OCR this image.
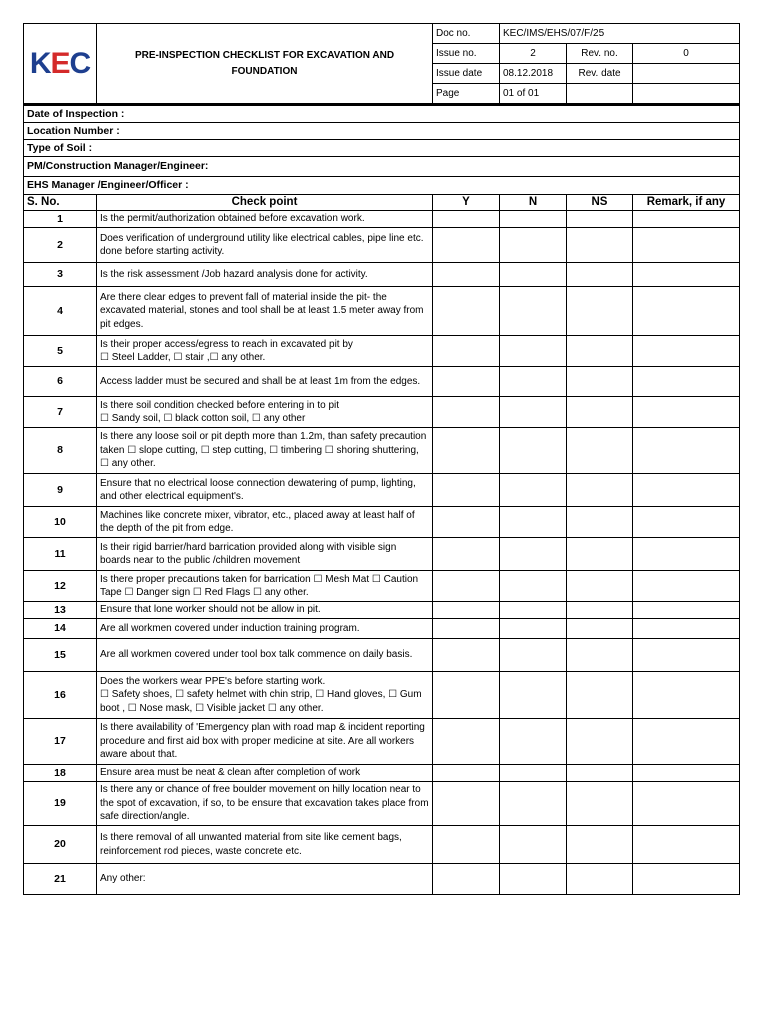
KEC	PRE-INSPECTION CHECKLIST FOR EXCAVATION AND
FOUNDATION	Doc no.	KEC/IMS/EHS/07/F/25		
		Issue no.	2	Rev. no.	0
		Issue date	08.12.2018	Rev. date	
		Page	01 of 01		
Date of Inspection :					
Location Number :					
Type of Soil :					
PM/Construction Manager/Engineer:					
EHS Manager /Engineer/Officer :					
S. No.	Check point	Y	N	NS	Remark, if any
1	Is the permit/authorization obtained before excavation work.				
2	Does verification of underground utility like electrical cables, pipe line etc. done before starting activity.				
3	Is the risk assessment /Job hazard analysis done for activity.				
4	Are there clear edges to prevent fall of material inside the pit- the excavated material, stones and tool shall be at least 1.5 meter away from pit edges.				
5	Is their proper access/egress to reach in excavated pit by
☐ Steel Ladder, ☐ stair ,☐ any other.				
6	Access ladder must be secured and shall be at least 1m from the edges.				
7	Is there soil condition checked before entering in to pit
☐ Sandy soil, ☐ black cotton soil, ☐ any other				
8	Is there any loose soil or pit depth more than 1.2m, than safety precaution taken ☐ slope cutting, ☐ step cutting, ☐ timbering ☐ shoring shuttering, ☐ any other.				
9	Ensure that no electrical loose connection dewatering of pump, lighting, and other electrical equipment's.				
10	Machines like concrete mixer, vibrator, etc., placed away at least half of the depth of the pit from edge.				
11	Is their rigid barrier/hard barrication provided along with visible sign boards near to the public /children movement				
12	Is there proper precautions taken for barrication ☐ Mesh Mat ☐ Caution Tape ☐ Danger sign ☐ Red Flags ☐ any other.				
13	Ensure that lone worker should not be allow in pit.				
14	Are all workmen covered under induction training program.				
15	Are all workmen covered under tool box talk commence on daily basis.				
16	Does the workers wear PPE's before starting work.
☐ Safety shoes, ☐ safety helmet with chin strip, ☐ Hand gloves, ☐ Gum boot , ☐ Nose mask, ☐ Visible jacket ☐ any other.				
17	Is there availability of 'Emergency plan with road map & incident reporting procedure and first aid box with proper medicine at site. Are all workers aware about that.				
18	Ensure area must be neat & clean after completion of work				
19	Is there any or chance of free boulder movement on hilly location near to the spot of excavation, if so, to be ensure that excavation takes place from safe direction/angle.				
20	Is there removal of all unwanted material from site like cement bags, reinforcement rod pieces, waste concrete etc.				
21	Any other:				
